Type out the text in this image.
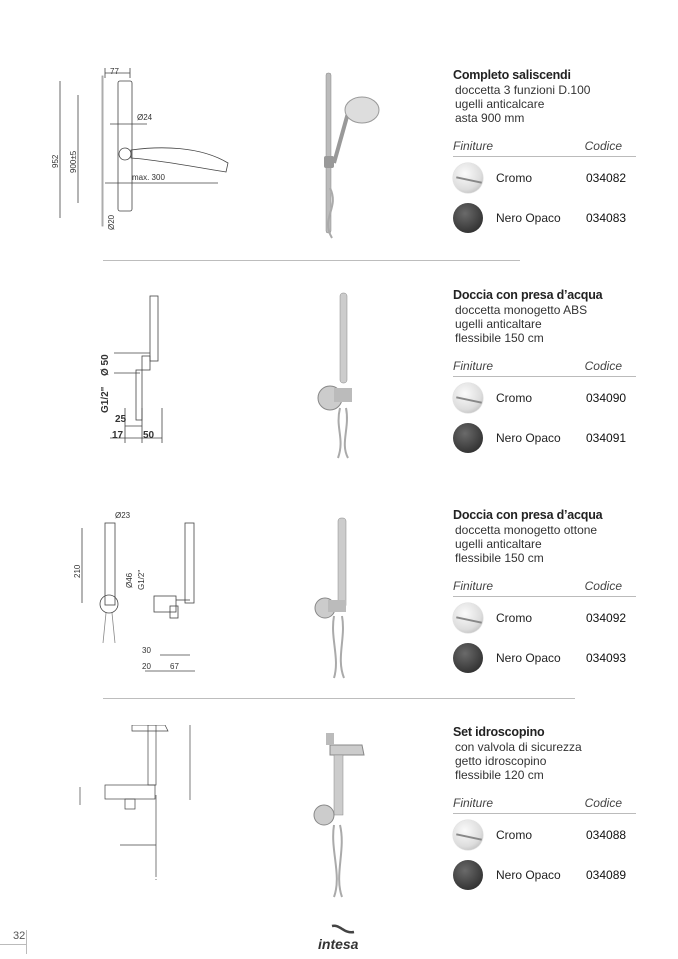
77
Ø24
952 900±5
max. 300
Ø20
Completo saliscendi
doccetta 3 funzioni D.100
ugelli anticalcare
asta 900 mm
Finiture	Codice
Cromo	034082
Nero Opaco 034083
Ø 50
G1/2"
25
17 50
Doccia con presa d’acqua
doccetta monogetto ABS
ugelli anticaltare
flessibile 150 cm
Finiture	Codice
Cromo	034090
Nero Opaco 034091
Ø23
210
Ø46 G1/2"
30
20 67
Doccia con presa d’acqua
doccetta monogetto ottone
ugelli anticaltare
flessibile 150 cm
Finiture	Codice
Cromo	034092
Nero Opaco 034093
Set idroscopino
con valvola di sicurezza
getto idroscopino
flessibile 120 cm
Finiture	Codice
Cromo	034088
Nero Opaco 034089
32	intesa
